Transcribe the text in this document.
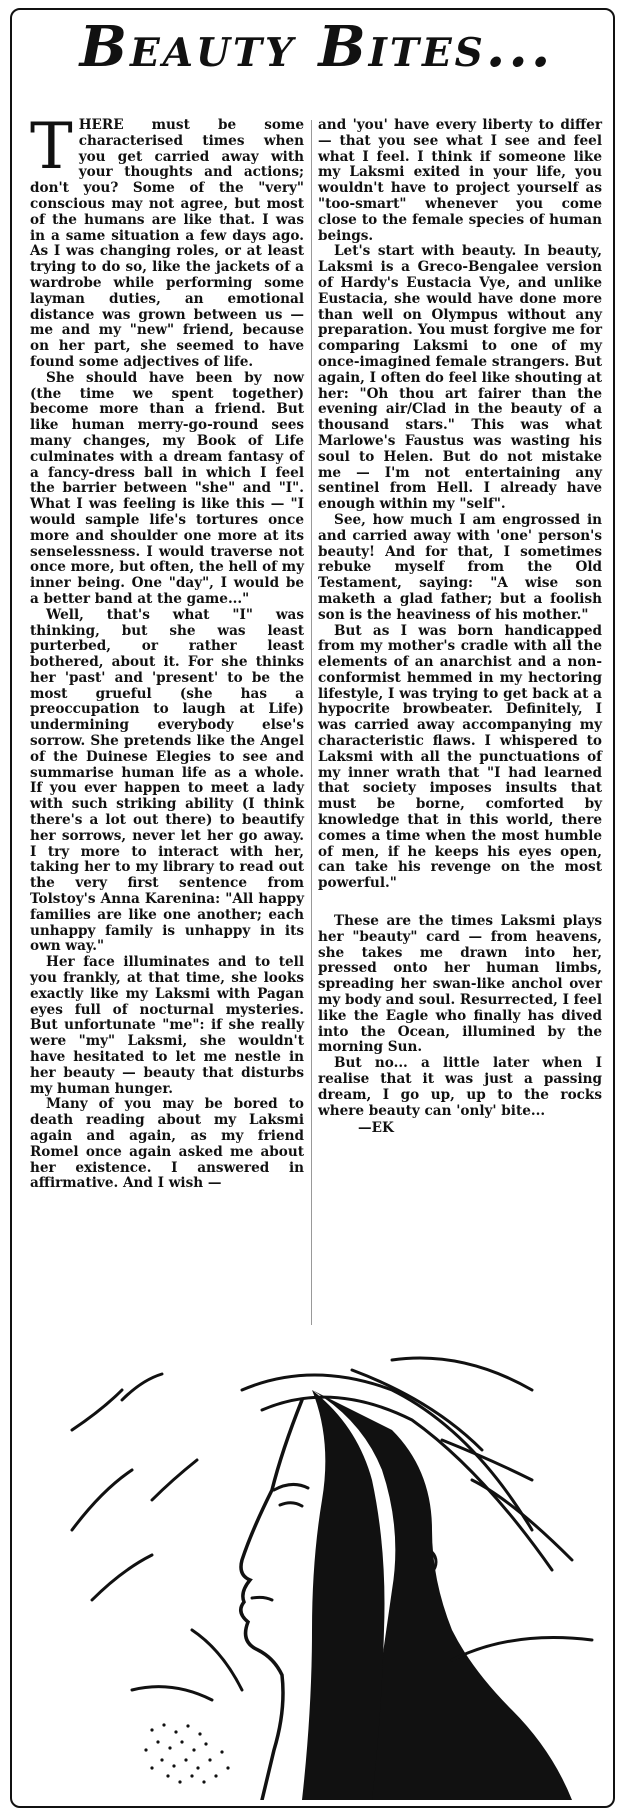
Beauty Bites...

THERE must be some characterised times when you get carried away with your thoughts and actions; don't you? Some of the "very" conscious may not agree, but most of the humans are like that. I was in a same situation a few days ago. As I was changing roles, or at least trying to do so, like the jackets of a wardrobe while performing some layman duties, an emotional distance was grown between us — me and my "new" friend, because on her part, she seemed to have found some adjectives of life.

She should have been by now (the time we spent together) become more than a friend. But like human merry-go-round sees many changes, my Book of Life culminates with a dream fantasy of a fancy-dress ball in which I feel the barrier between "she" and "I". What I was feeling is like this — "I would sample life's tortures once more and shoulder one more at its senselessness. I would traverse not once more, but often, the hell of my inner being. One "day", I would be a better band at the game..."

Well, that's what "I" was thinking, but she was least purterbed, or rather least bothered, about it. For she thinks her 'past' and 'present' to be the most grueful (she has a preoccupation to laugh at Life) undermining everybody else's sorrow. She pretends like the Angel of the Duinese Elegies to see and summarise human life as a whole. If you ever happen to meet a lady with such striking ability (I think there's a lot out there) to beautify her sorrows, never let her go away. I try more to interact with her, taking her to my library to read out the very first sentence from Tolstoy's Anna Karenina: "All happy families are like one another; each unhappy family is unhappy in its own way."

Her face illuminates and to tell you frankly, at that time, she looks exactly like my Laksmi with Pagan eyes full of nocturnal mysteries. But unfortunate "me": if she really were "my" Laksmi, she wouldn't have hesitated to let me nestle in her beauty — beauty that disturbs my human hunger.

Many of you may be bored to death reading about my Laksmi again and again, as my friend Romel once again asked me about her existence. I answered in affirmative. And I wish —

and 'you' have every liberty to differ — that you see what I see and feel what I feel. I think if someone like my Laksmi exited in your life, you wouldn't have to project yourself as "too-smart" whenever you come close to the female species of human beings.

Let's start with beauty. In beauty, Laksmi is a Greco-Bengalee version of Hardy's Eustacia Vye, and unlike Eustacia, she would have done more than well on Olympus without any preparation. You must forgive me for comparing Laksmi to one of my once-imagined female strangers. But again, I often do feel like shouting at her: "Oh thou art fairer than the evening air/Clad in the beauty of a thousand stars." This was what Marlowe's Faustus was wasting his soul to Helen. But do not mistake me — I'm not entertaining any sentinel from Hell. I already have enough within my "self".

See, how much I am engrossed in and carried away with 'one' person's beauty! And for that, I sometimes rebuke myself from the Old Testament, saying: "A wise son maketh a glad father; but a foolish son is the heaviness of his mother."

But as I was born handicapped from my mother's cradle with all the elements of an anarchist and a non-conformist hemmed in my hectoring lifestyle, I was trying to get back at a hypocrite browbeater. Definitely, I was carried away accompanying my characteristic flaws. I whispered to Laksmi with all the punctuations of my inner wrath that "I had learned that society imposes insults that must be borne, comforted by knowledge that in this world, there comes a time when the most humble of men, if he keeps his eyes open, can take his revenge on the most powerful."

These are the times Laksmi plays her "beauty" card — from heavens, she takes me drawn into her, pressed onto her human limbs, spreading her swan-like anchol over my body and soul. Resurrected, I feel like the Eagle who finally has dived into the Ocean, illumined by the morning Sun.

But no... a little later when I realise that it was just a passing dream, I go up, up to the rocks where beauty can 'only' bite...

—EK
